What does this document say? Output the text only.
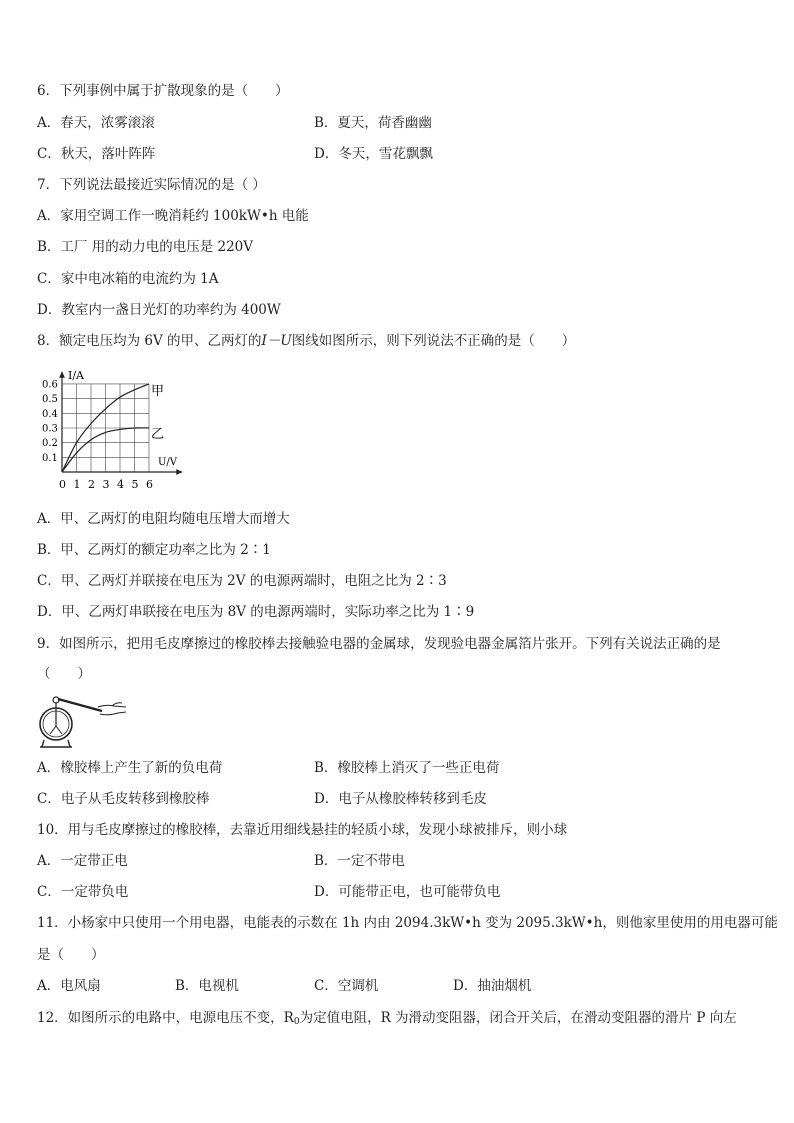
6．下列事例中属于扩散现象的是（　　）
A．春天，浓雾滚滚	B．夏天，荷香幽幽
C．秋天，落叶阵阵	D．冬天，雪花飘飘
7．下列说法最接近实际情况的是（ ）
A．家用空调工作一晚消耗约 100kW•h 电能
B．工厂 用的动力电的电压是 220V
C．家中电冰箱的电流约为 1A
D．教室内一盏日光灯的功率约为 400W
8．额定电压均为 6V 的甲、乙两灯的I－U图线如图所示，则下列说法不正确的是（　　）
I/A
U/V
0.6
0.5
0.4
0.3
0.2
0.1
0 1 2 3 4 5 6
甲
乙
A．甲、乙两灯的电阻均随电压增大而增大
B．甲、乙两灯的额定功率之比为 2∶1
C．甲、乙两灯并联接在电压为 2V 的电源两端时，电阻之比为 2∶3
D．甲、乙两灯串联接在电压为 8V 的电源两端时，实际功率之比为 1∶9
9．如图所示，把用毛皮摩擦过的橡胶棒去接触验电器的金属球，发现验电器金属箔片张开。下列有关说法正确的是
（　　）
A．橡胶棒上产生了新的负电荷	B．橡胶棒上消灭了一些正电荷
C．电子从毛皮转移到橡胶棒	D．电子从橡胶棒转移到毛皮
10．用与毛皮摩擦过的橡胶棒，去靠近用细线悬挂的轻质小球，发现小球被排斥，则小球
A．一定带正电	B．一定不带电
C．一定带负电	D．可能带正电，也可能带负电
11．小杨家中只使用一个用电器，电能表的示数在 1h 内由 2094.3kW•h 变为 2095.3kW•h，则他家里使用的用电器可能
是（　　）
A．电风扇	B．电视机	C．空调机	D．抽油烟机
12．如图所示的电路中，电源电压不变，$R_0$为定值电阻，R 为滑动变阻器，闭合开关后，在滑动变阻器的滑片 P 向左
